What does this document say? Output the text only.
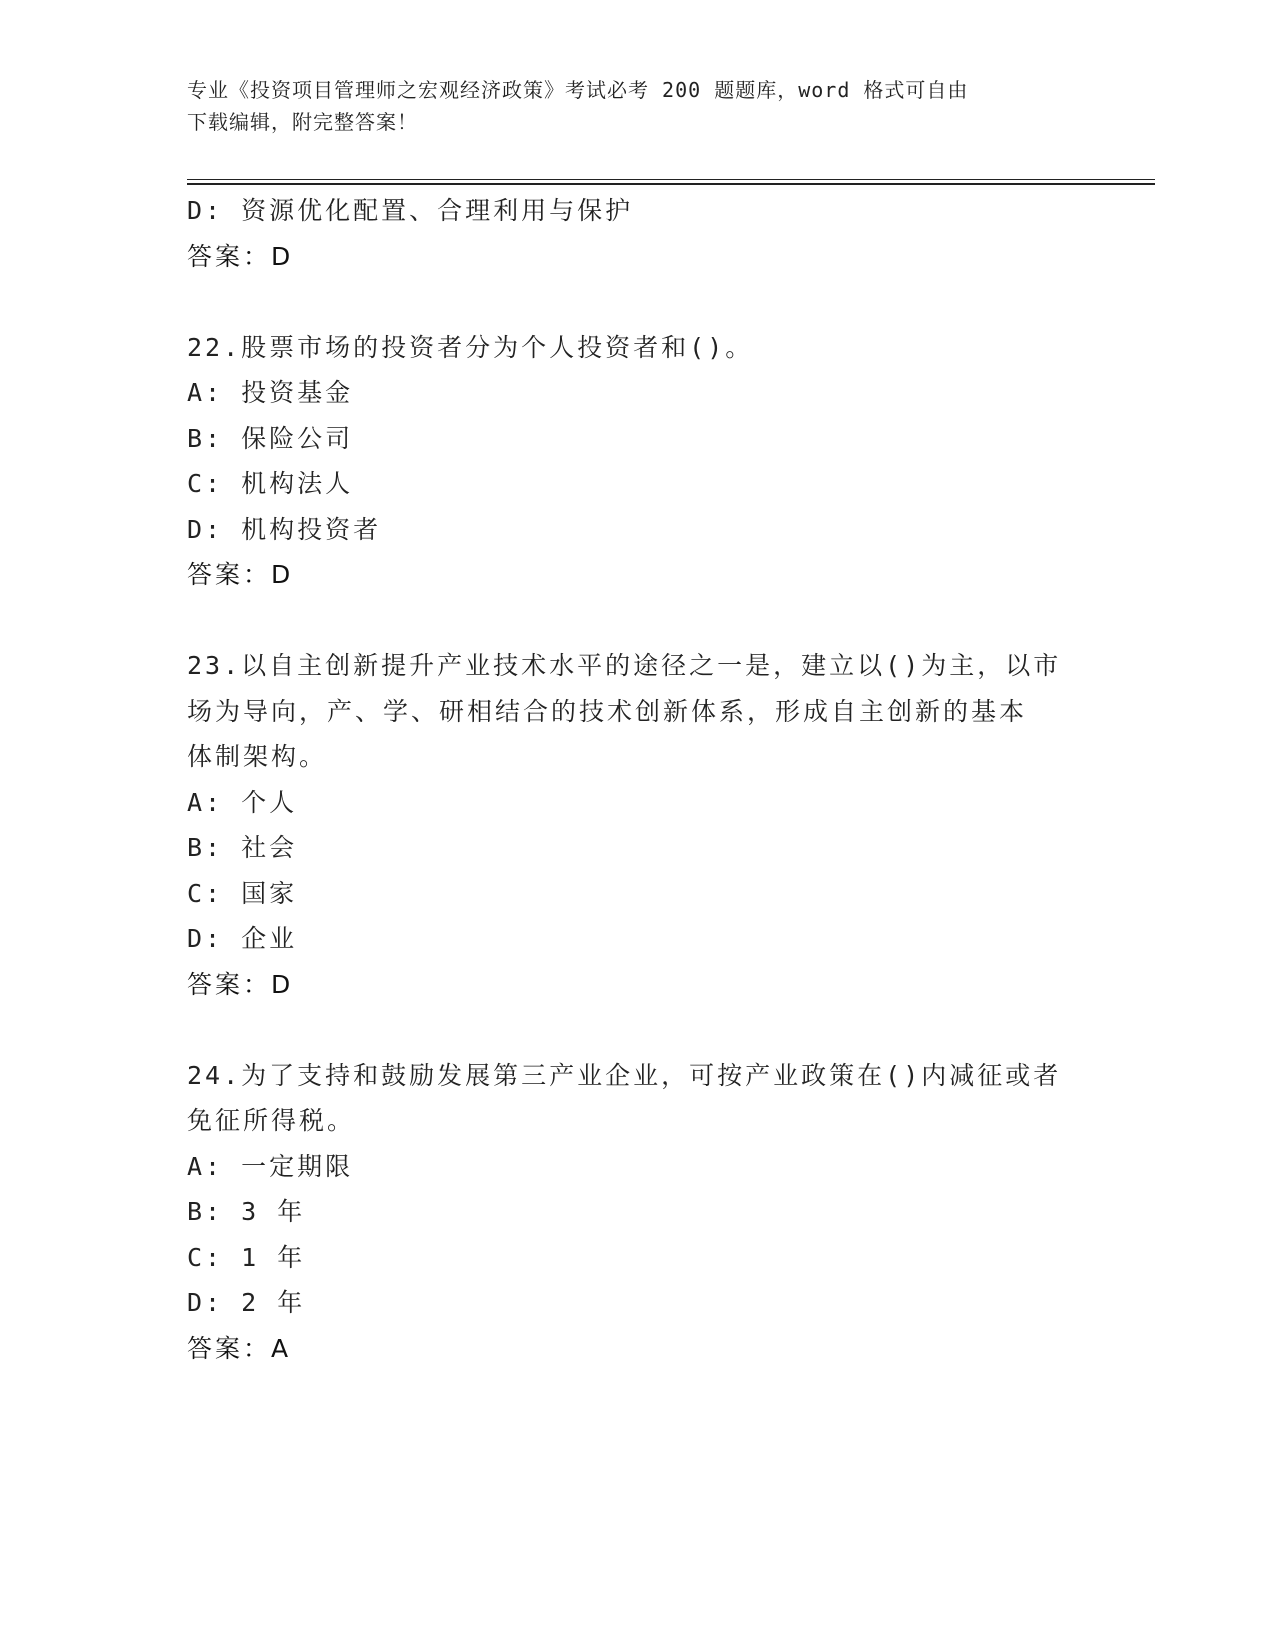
专业《投资项目管理师之宏观经济政策》考试必考 200 题题库，word 格式可自由
下载编辑，附完整答案！
D: 资源优化配置、合理利用与保护
答案：D
22.股票市场的投资者分为个人投资者和()。
A: 投资基金
B: 保险公司
C: 机构法人
D: 机构投资者
答案：D
23.以自主创新提升产业技术水平的途径之一是，建立以()为主，以市
场为导向，产、学、研相结合的技术创新体系，形成自主创新的基本
体制架构。
A: 个人
B: 社会
C: 国家
D: 企业
答案：D
24.为了支持和鼓励发展第三产业企业，可按产业政策在()内减征或者
免征所得税。
A: 一定期限
B: 3 年
C: 1 年
D: 2 年
答案：A
